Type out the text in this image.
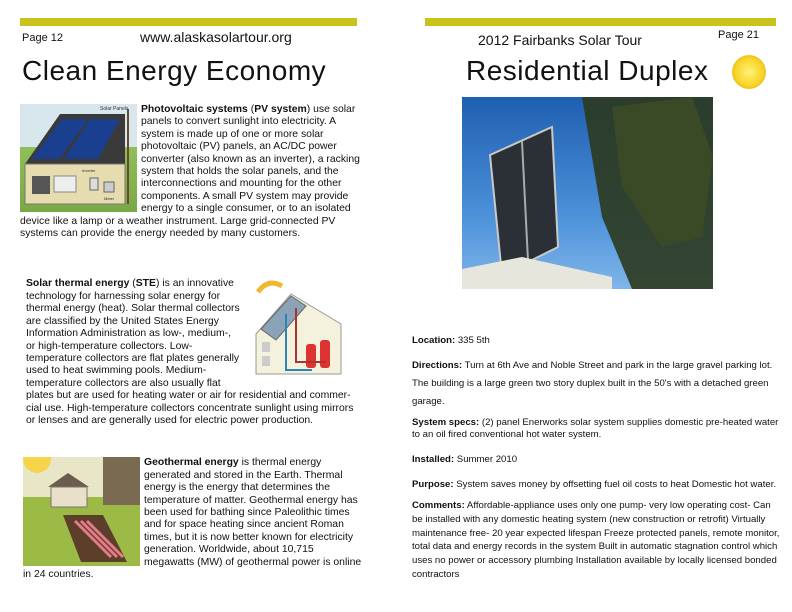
Page 12	www.alaskasolartour.org
Clean Energy Economy
Solar Panels
Inverter
Meter
Photovoltaic systems (PV system) use solar panels to convert sunlight into electricity. A system is made up of one or more solar photovoltaic (PV) panels, an AC/DC power converter (also known as an inverter), a racking system that holds the solar panels, and the interconnections and mounting for the other components. A small PV system may provide energy to a single consumer, or to an isolated device like a lamp or a weather instrument. Large grid-connected PV systems can provide the energy needed by many customers.
Solar thermal energy (STE) is an innovative technology for harnessing solar energy for thermal energy (heat). Solar thermal collectors are classified by the United States Energy Information Administration as low-, medium-, or high-temperature collectors. Low-temperature collectors are flat plates generally used to heat swimming pools. Medium-temperature collectors are also usually flat plates but are used for heating water or air for residential and commer- cial use. High-temperature collectors concentrate sunlight using mirrors or lenses and are generally used for electric power production.
Geothermal energy is thermal energy generated and stored in the Earth. Thermal energy is the energy that determines the temperature of matter. Geothermal energy has been used for bathing since Paleolithic times and for space heating since ancient Roman times, but it is now better known for electricity generation. Worldwide, about 10,715 megawatts (MW) of geothermal power is online in 24 countries.
2012 Fairbanks Solar Tour	Page 21
Residential Duplex
Location: 335 5th
Directions: Turn at 6th Ave and Noble Street and park in the large gravel parking lot. The building is a large green two story duplex built in the 50's with a detached green garage.
System specs: (2) panel Enerworks solar system supplies domestic pre-heated water to an oil fired conventional hot water system.
Installed: Summer 2010
Purpose: System saves money by offsetting fuel oil costs to heat Domestic hot water.
Comments: Affordable-appliance uses only one pump- very low operating cost- Can be installed with any domestic heating system (new construction or retrofit) Virtually maintenance free- 20 year expected lifespan Freeze protected panels, remote monitor, total data and energy records in the system Built in automatic stagnation control which uses no power or accessory plumbing Installation available by locally licensed bonded contractors
